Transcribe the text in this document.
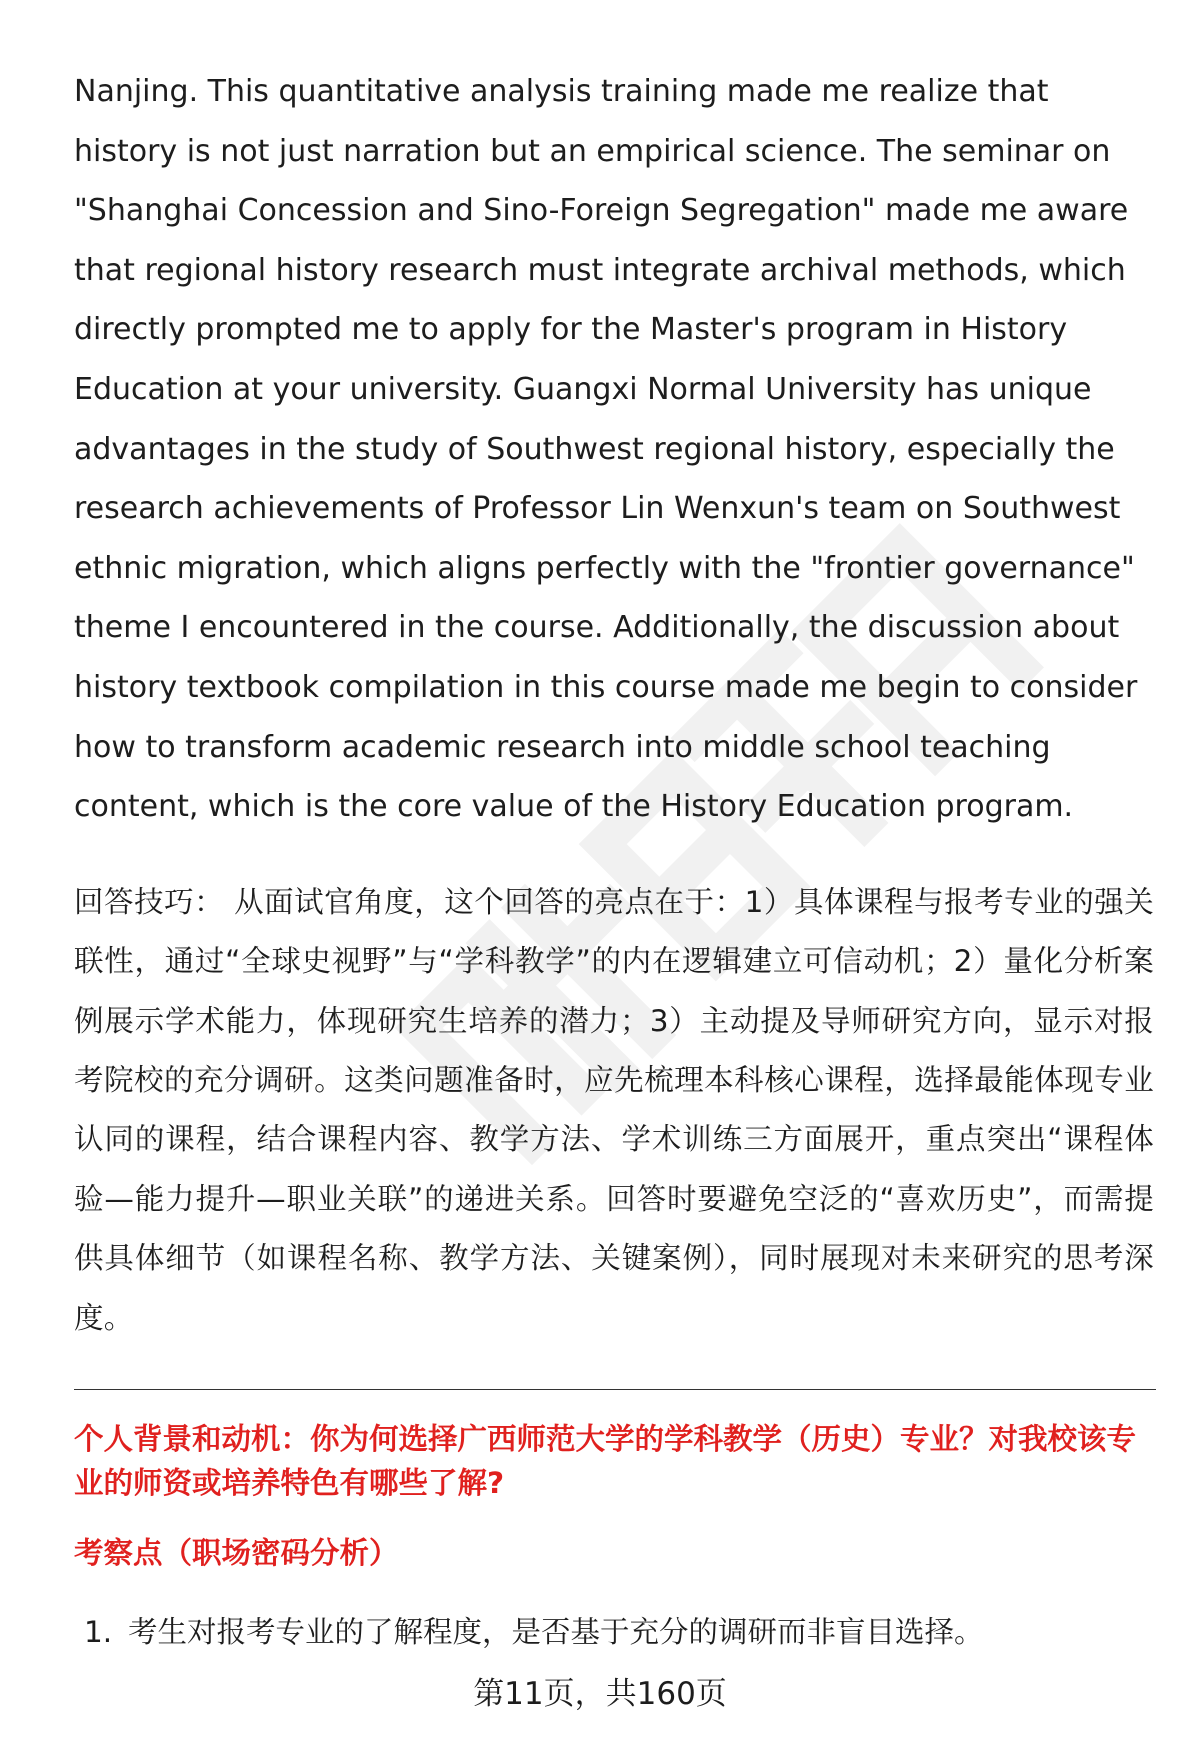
Nanjing. This quantitative analysis training made me realize that history is not just narration but an empirical science. The seminar on "Shanghai Concession and Sino-Foreign Segregation" made me aware that regional history research must integrate archival methods, which directly prompted me to apply for the Master's program in History Education at your university. Guangxi Normal University has unique advantages in the study of Southwest regional history, especially the research achievements of Professor Lin Wenxun's team on Southwest ethnic migration, which aligns perfectly with the "frontier governance" theme I encountered in the course. Additionally, the discussion about history textbook compilation in this course made me begin to consider how to transform academic research into middle school teaching content, which is the core value of the History Education program.

回答技巧： 从面试官角度，这个回答的亮点在于：1）具体课程与报考专业的强关联性，通过“全球史视野”与“学科教学”的内在逻辑建立可信动机；2）量化分析案例展示学术能力，体现研究生培养的潜力；3）主动提及导师研究方向，显示对报考院校的充分调研。这类问题准备时，应先梳理本科核心课程，选择最能体现专业认同的课程，结合课程内容、教学方法、学术训练三方面展开，重点突出“课程体验—能力提升—职业关联”的递进关系。回答时要避免空泛的“喜欢历史”，而需提供具体细节（如课程名称、教学方法、关键案例），同时展现对未来研究的思考深度。

个人背景和动机：你为何选择广西师范大学的学科教学（历史）专业？对我校该专业的师资或培养特色有哪些了解?

考察点（职场密码分析）

1. 考生对报考专业的了解程度，是否基于充分的调研而非盲目选择。
第11页，共160页
